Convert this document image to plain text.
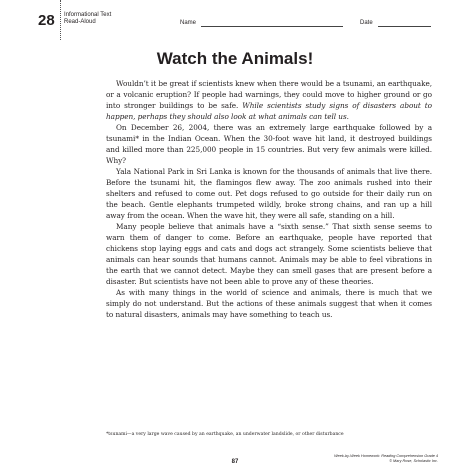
28 Informational Text
Read-Aloud	Name	Date
Watch the Animals!

Wouldn’t it be great if scientists knew when there would be a tsunami, an earthquake, or a volcanic eruption? If people had warnings, they could move to higher ground or go into stronger buildings to be safe. While scientists study signs of disasters about to happen, perhaps they should also look at what animals can tell us.

On December 26, 2004, there was an extremely large earthquake followed by a tsunami* in the Indian Ocean. When the 30-foot wave hit land, it destroyed buildings and killed more than 225,000 people in 15 countries. But very few animals were killed. Why?

Yala National Park in Sri Lanka is known for the thousands of animals that live there. Before the tsunami hit, the flamingos flew away. The zoo animals rushed into their shelters and refused to come out. Pet dogs refused to go outside for their daily run on the beach. Gentle elephants trumpeted wildly, broke strong chains, and ran up a hill away from the ocean. When the wave hit, they were all safe, standing on a hill.

Many people believe that animals have a “sixth sense.” That sixth sense seems to warn them of danger to come. Before an earthquake, people have reported that chickens stop laying eggs and cats and dogs act strangely. Some scientists believe that animals can hear sounds that humans cannot. Animals may be able to feel vibrations in the earth that we cannot detect. Maybe they can smell gases that are present before a disaster. But scientists have not been able to prove any of these theories.

As with many things in the world of science and animals, there is much that we simply do not understand. But the actions of these animals suggest that when it comes to natural disasters, animals may have something to teach us.

*tsunami—a very large wave caused by an earthquake, an underwater landslide, or other disturbance
87
Week-by-Week Homework: Reading Comprehension Grade 4
© Mary Rose, Scholastic Inc.
